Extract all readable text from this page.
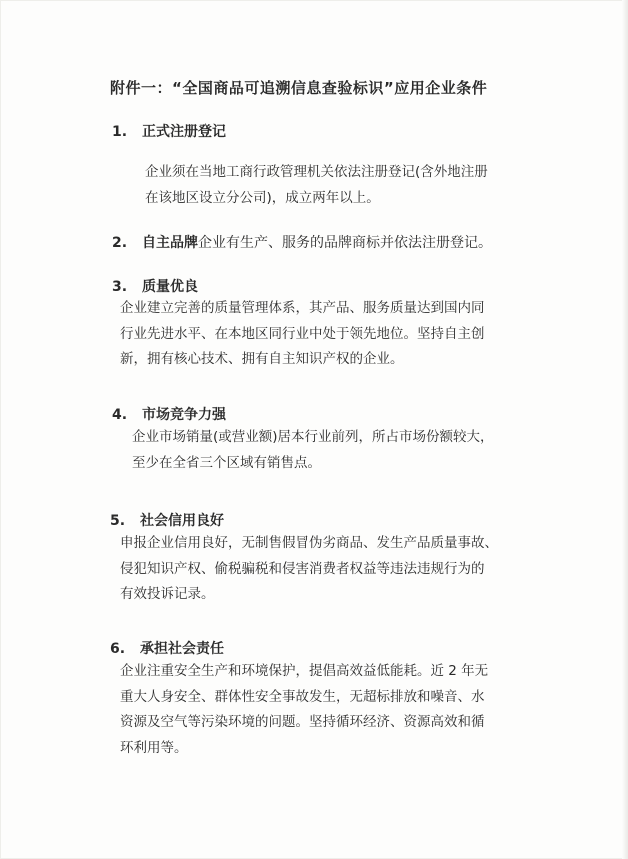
附件一：“全国商品可追溯信息查验标识”应用企业条件
1. 正式注册登记
企业须在当地工商行政管理机关依法注册登记(含外地注册
在该地区设立分公司)，成立两年以上。
2. 自主品牌企业有生产、服务的品牌商标并依法注册登记。
3. 质量优良
企业建立完善的质量管理体系，其产品、服务质量达到国内同
行业先进水平、在本地区同行业中处于领先地位。坚持自主创
新，拥有核心技术、拥有自主知识产权的企业。
4. 市场竞争力强
企业市场销量(或营业额)居本行业前列，所占市场份额较大，
至少在全省三个区域有销售点。
5. 社会信用良好
申报企业信用良好，无制售假冒伪劣商品、发生产品质量事故、
侵犯知识产权、偷税骗税和侵害消费者权益等违法违规行为的
有效投诉记录。
6. 承担社会责任
企业注重安全生产和环境保护，提倡高效益低能耗。近 2 年无
重大人身安全、群体性安全事故发生，无超标排放和噪音、水
资源及空气等污染环境的问题。坚持循环经济、资源高效和循
环利用等。
